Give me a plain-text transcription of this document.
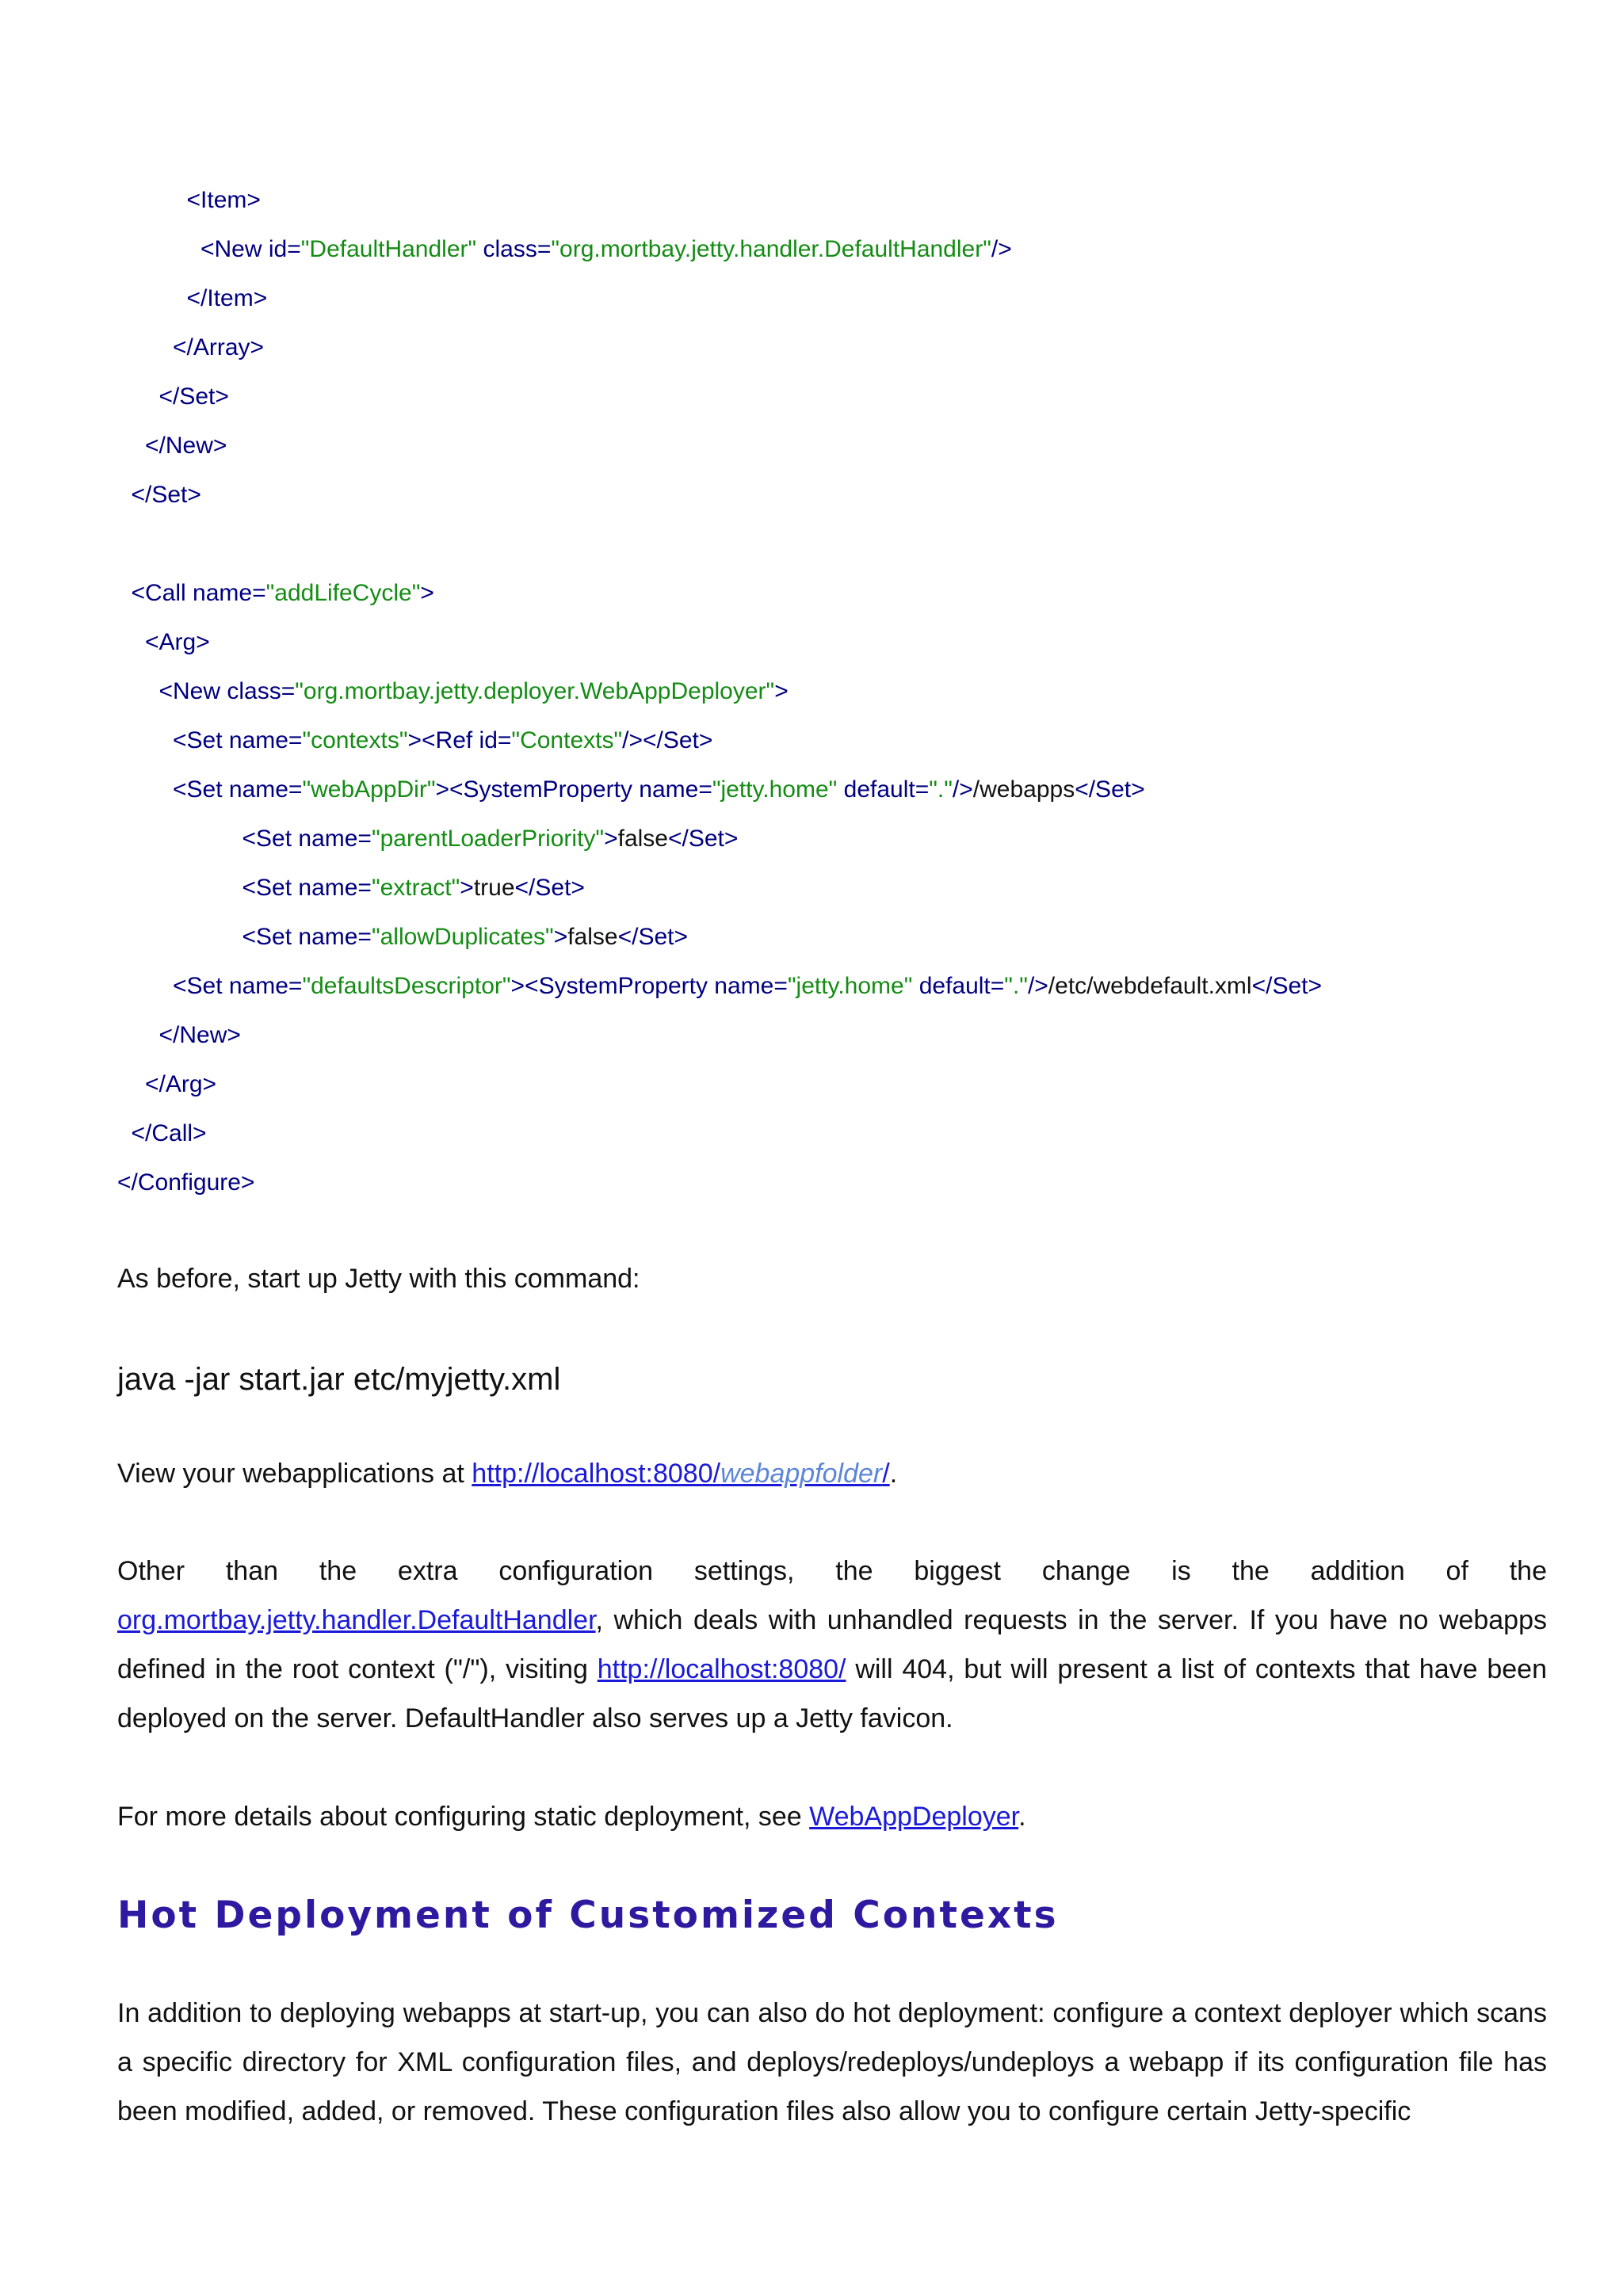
<Item>
<New id="DefaultHandler" class="org.mortbay.jetty.handler.DefaultHandler"/>
</Item>
</Array>
</Set>
</New>
</Set>
<Call name="addLifeCycle">
<Arg>
<New class="org.mortbay.jetty.deployer.WebAppDeployer">
<Set name="contexts"><Ref id="Contexts"/></Set>
<Set name="webAppDir"><SystemProperty name="jetty.home" default="."/>/webapps</Set>
<Set name="parentLoaderPriority">false</Set>
<Set name="extract">true</Set>
<Set name="allowDuplicates">false</Set>
<Set name="defaultsDescriptor"><SystemProperty name="jetty.home" default="."/>/etc/webdefault.xml</Set>
</New>
</Arg>
</Call>
</Configure>
As before, start up Jetty with this command:
java -jar start.jar etc/myjetty.xml
View your webapplications at http://localhost:8080/webappfolder/.
Other than the extra configuration settings, the biggest change is the addition of the org.mortbay.jetty.handler.DefaultHandler, which deals with unhandled requests in the server. If you have no webapps defined in the root context ("/"), visiting http://localhost:8080/ will 404, but will present a list of contexts that have been deployed on the server. DefaultHandler also serves up a Jetty favicon.
For more details about configuring static deployment, see WebAppDeployer.
Hot Deployment of Customized Contexts
In addition to deploying webapps at start-up, you can also do hot deployment: configure a context deployer which scans a specific directory for XML configuration files, and deploys/redeploys/undeploys a webapp if its configuration file has been modified, added, or removed. These configuration files also allow you to configure certain Jetty-specific
